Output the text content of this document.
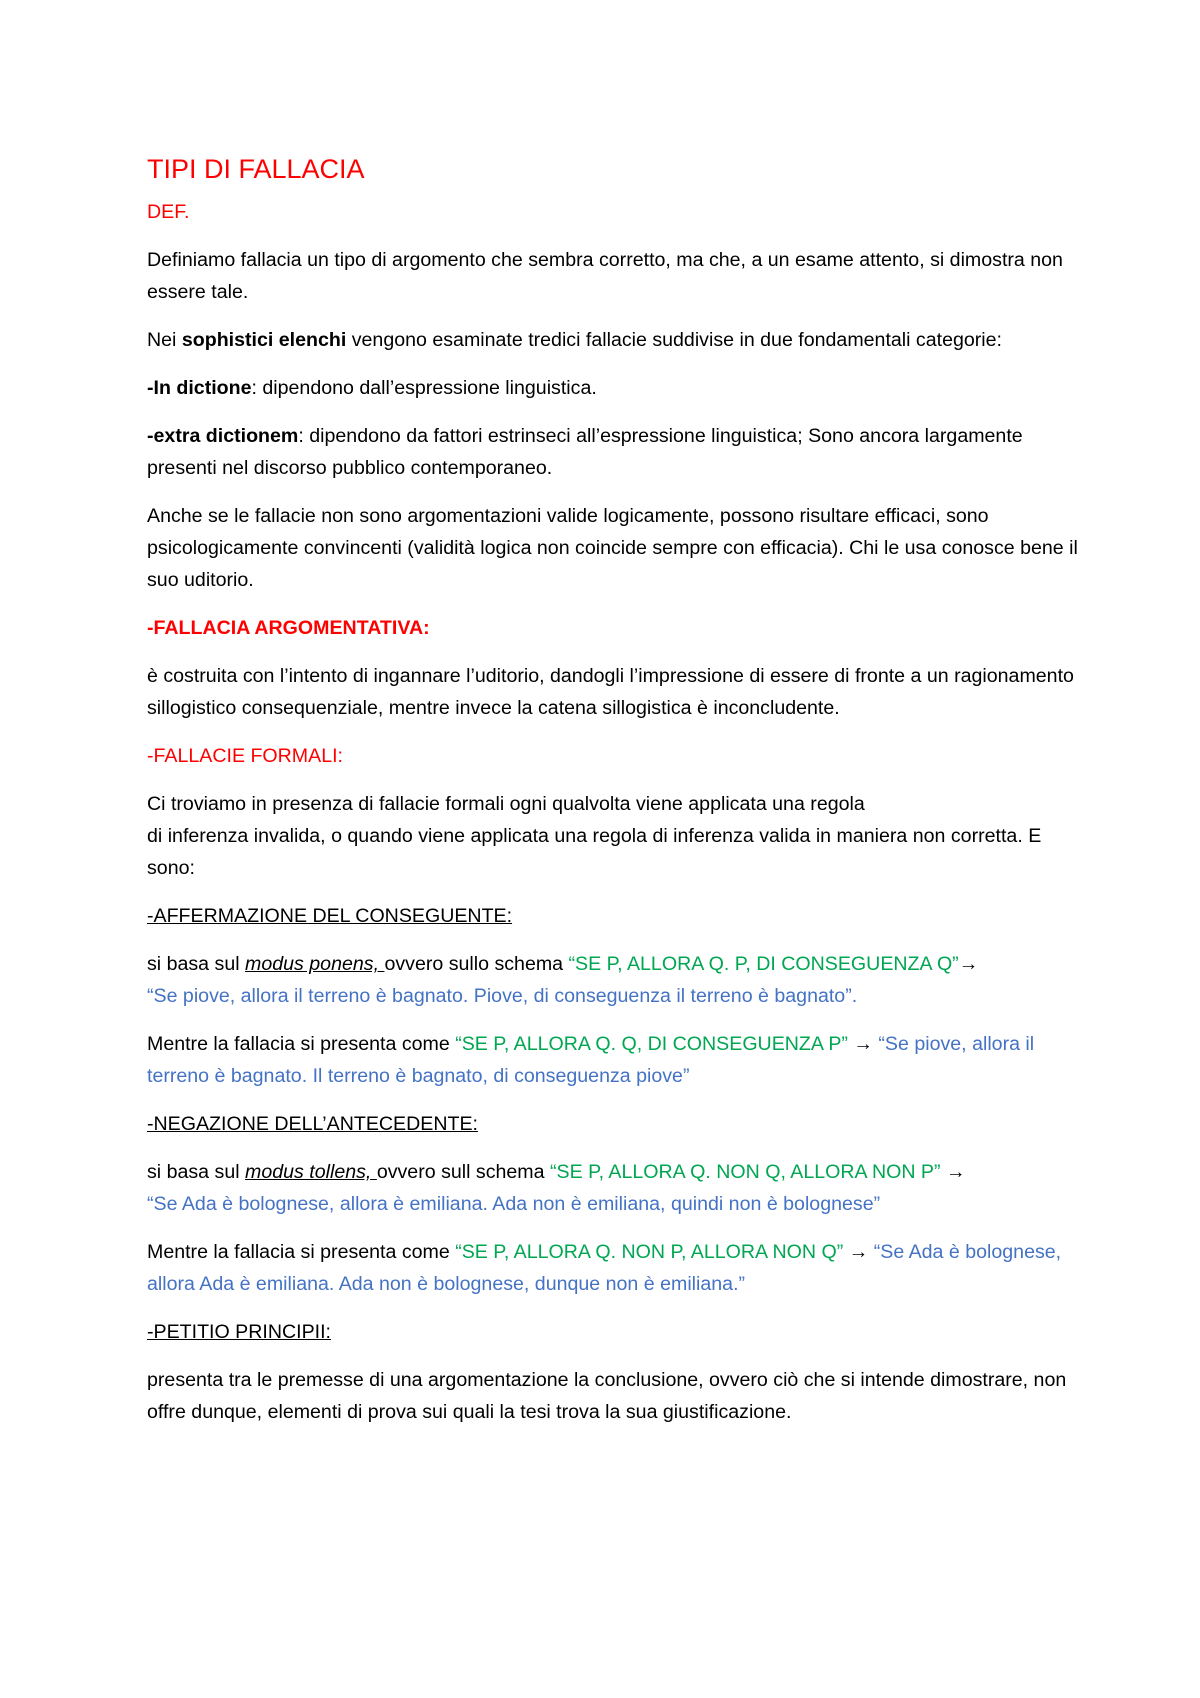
TIPI DI FALLACIA

DEF.

Definiamo fallacia un tipo di argomento che sembra corretto, ma che, a un esame attento, si dimostra non essere tale.

Nei sophistici elenchi vengono esaminate tredici fallacie suddivise in due fondamentali categorie:

-In dictione: dipendono dall’espressione linguistica.

-extra dictionem: dipendono da fattori estrinseci all’espressione linguistica; Sono ancora largamente presenti nel discorso pubblico contemporaneo.

Anche se le fallacie non sono argomentazioni valide logicamente, possono risultare efficaci, sono psicologicamente convincenti (validità logica non coincide sempre con efficacia). Chi le usa conosce bene il suo uditorio.

-FALLACIA ARGOMENTATIVA:

è costruita con l’intento di ingannare l’uditorio, dandogli l’impressione di essere di fronte a un ragionamento sillogistico consequenziale, mentre invece la catena sillogistica è inconcludente.

-FALLACIE FORMALI:

Ci troviamo in presenza di fallacie formali ogni qualvolta viene applicata una regola
di inferenza invalida, o quando viene applicata una regola di inferenza valida in maniera non corretta. E sono:

-AFFERMAZIONE DEL CONSEGUENTE:

si basa sul modus ponens, ovvero sullo schema “SE P, ALLORA Q. P, DI CONSEGUENZA Q”→
“Se piove, allora il terreno è bagnato. Piove, di conseguenza il terreno è bagnato”.

Mentre la fallacia si presenta come “SE P, ALLORA Q. Q, DI CONSEGUENZA P” → “Se piove, allora il terreno è bagnato. Il terreno è bagnato, di conseguenza piove”

-NEGAZIONE DELL’ANTECEDENTE:

si basa sul modus tollens, ovvero sull schema “SE P, ALLORA Q. NON Q, ALLORA NON P” →
“Se Ada è bolognese, allora è emiliana. Ada non è emiliana, quindi non è bolognese”

Mentre la fallacia si presenta come “SE P, ALLORA Q. NON P, ALLORA NON Q” → “Se Ada è bolognese, allora Ada è emiliana. Ada non è bolognese, dunque non è emiliana.”

-PETITIO PRINCIPII:

presenta tra le premesse di una argomentazione la conclusione, ovvero ciò che si intende dimostrare, non offre dunque, elementi di prova sui quali la tesi trova la sua giustificazione.
